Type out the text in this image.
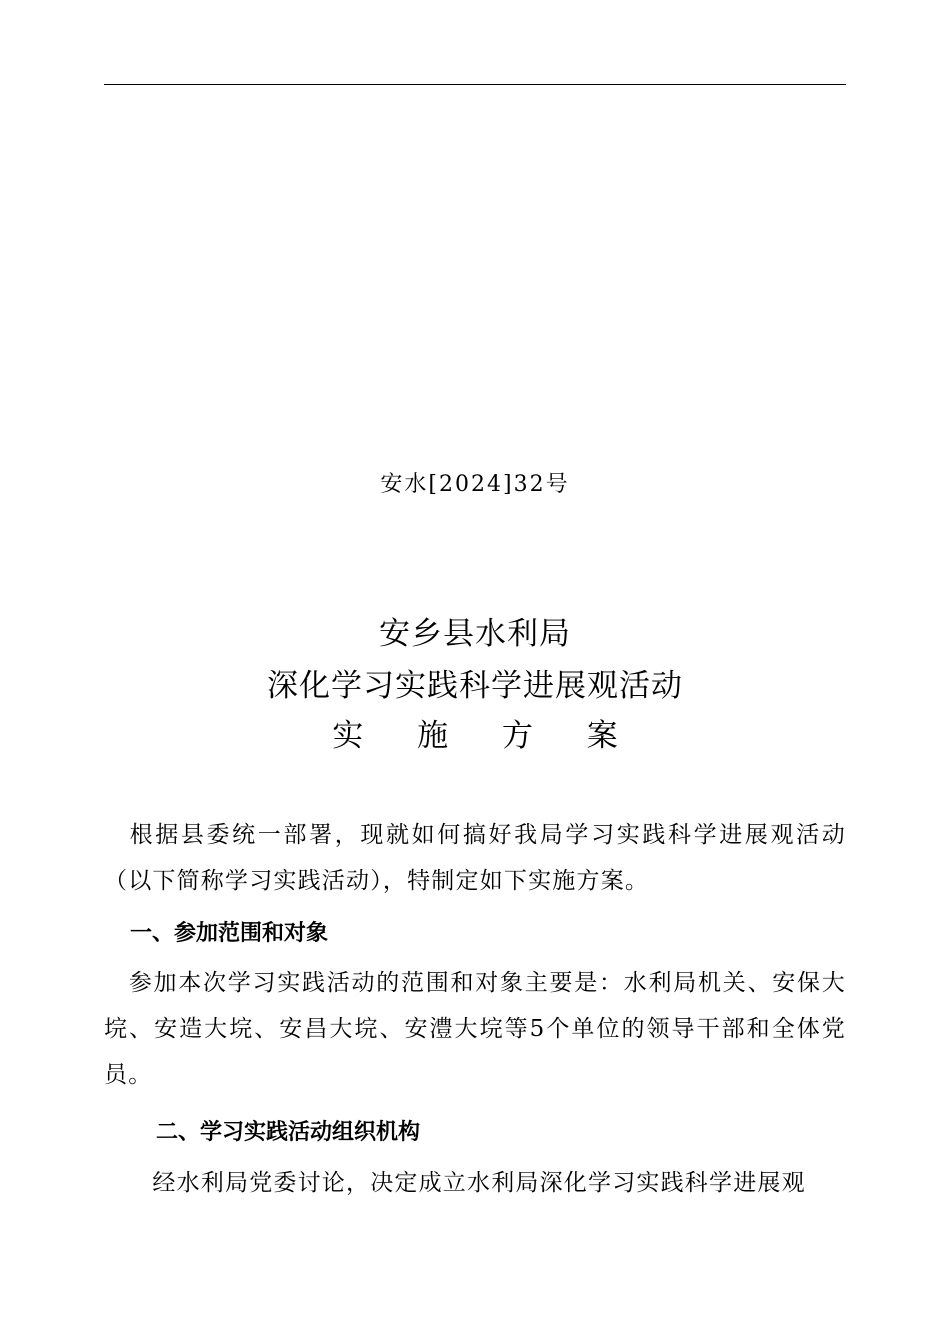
安水[2024]32号
安乡县水利局
深化学习实践科学进展观活动
实 施 方 案

　根据县委统一部署，现就如何搞好我局学习实践科学进展观活动（以下简称学习实践活动），特制定如下实施方案。

一、参加范围和对象

　参加本次学习实践活动的范围和对象主要是：水利局机关、安保大垸、安造大垸、安昌大垸、安澧大垸等5个单位的领导干部和全体党员。

二、学习实践活动组织机构

　　经水利局党委讨论，决定成立水利局深化学习实践科学进展观
